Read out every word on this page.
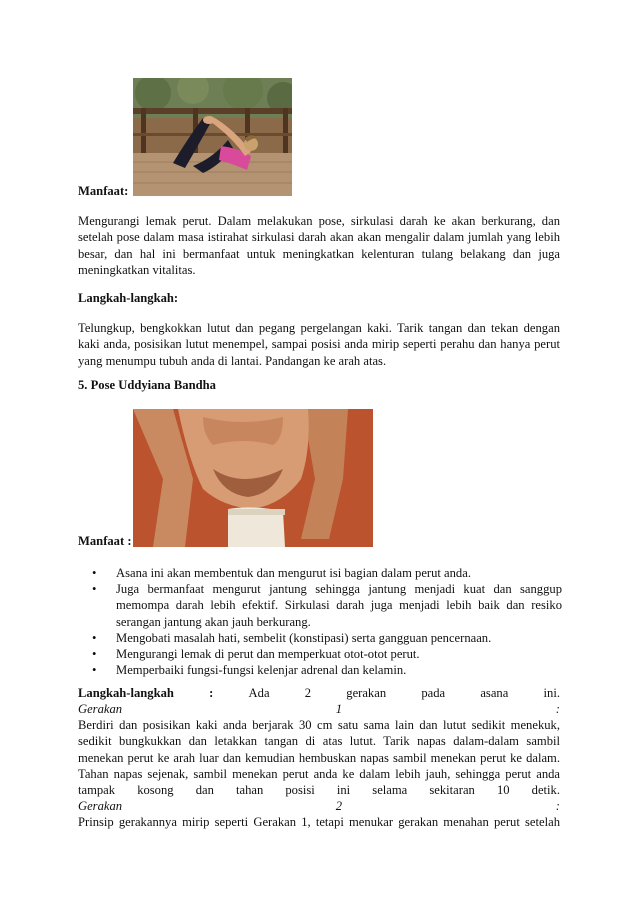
Manfaat:
Mengurangi lemak perut. Dalam melakukan pose, sirkulasi darah ke akan berkurang, dan
setelah pose dalam masa istirahat sirkulasi darah akan akan mengalir dalam jumlah yang lebih
besar, dan hal ini bermanfaat untuk meningkatkan kelenturan tulang belakang dan juga
meningkatkan vitalitas.
Langkah-langkah:
Telungkup, bengkokkan lutut dan pegang pergelangan kaki. Tarik tangan dan tekan dengan
kaki anda, posisikan lutut menempel, sampai posisi anda mirip seperti perahu dan hanya perut
yang menumpu tubuh anda di lantai. Pandangan ke arah atas.
5. Pose Uddyiana Bandha
Manfaat :
• Asana ini akan membentuk dan mengurut isi bagian dalam perut anda.
• Juga bermanfaat mengurut jantung sehingga jantung menjadi kuat dan sanggup
memompa darah lebih efektif. Sirkulasi darah juga menjadi lebih baik dan resiko
serangan jantung akan jauh berkurang.
• Mengobati masalah hati, sembelit (konstipasi) serta gangguan pencernaan.
• Mengurangi lemak di perut dan memperkuat otot-otot perut.
• Memperbaiki fungsi-fungsi kelenjar adrenal dan kelamin.
Langkah-langkah	:	Ada	2	gerakan	pada	asana	ini.
Gerakan	1	:
Berdiri dan posisikan kaki anda berjarak 30 cm satu sama lain dan lutut sedikit menekuk,
sedikit bungkukkan dan letakkan tangan di atas lutut. Tarik napas dalam-dalam sambil
menekan perut ke arah luar dan kemudian hembuskan napas sambil menekan perut ke dalam.
Tahan napas sejenak, sambil menekan perut anda ke dalam lebih jauh, sehingga perut anda
tampak kosong dan tahan posisi ini selama sekitaran 10 detik.
Gerakan	2	:
Prinsip gerakannya mirip seperti Gerakan 1, tetapi menukar gerakan menahan perut setelah
